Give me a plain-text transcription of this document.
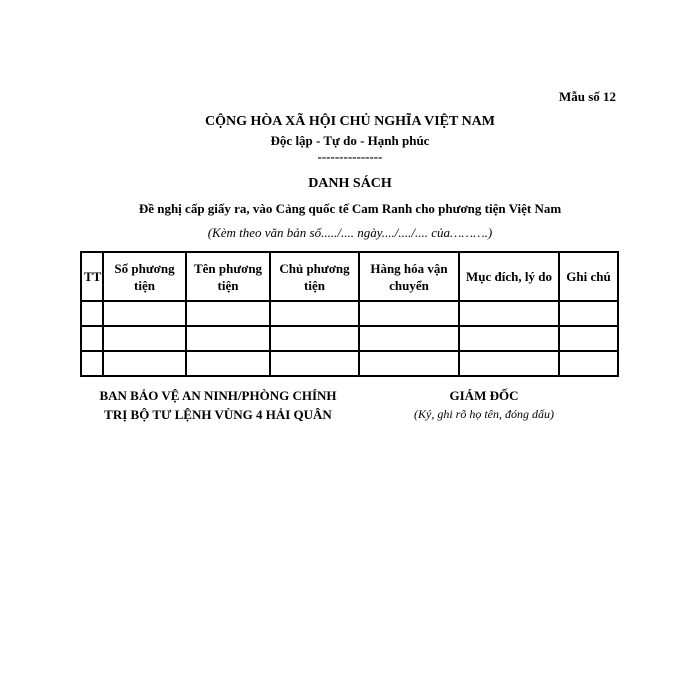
Mẫu số 12
CỘNG HÒA XÃ HỘI CHỦ NGHĨA VIỆT NAM
Độc lập - Tự do - Hạnh phúc
---------------
DANH SÁCH
Đề nghị cấp giấy ra, vào Cảng quốc tế Cam Ranh cho phương tiện Việt Nam
(Kèm theo văn bản số...../.... ngày..../..../.... của……….)
TT	Số phương tiện	Tên phương tiện	Chủ phương tiện	Hàng hóa vận chuyển	Mục đích, lý do	Ghi chú

BAN BẢO VỆ AN NINH/PHÒNG CHÍNH
TRỊ BỘ TƯ LỆNH VÙNG 4 HẢI QUÂN
GIÁM ĐỐC
(Ký, ghi rõ họ tên, đóng dấu)
